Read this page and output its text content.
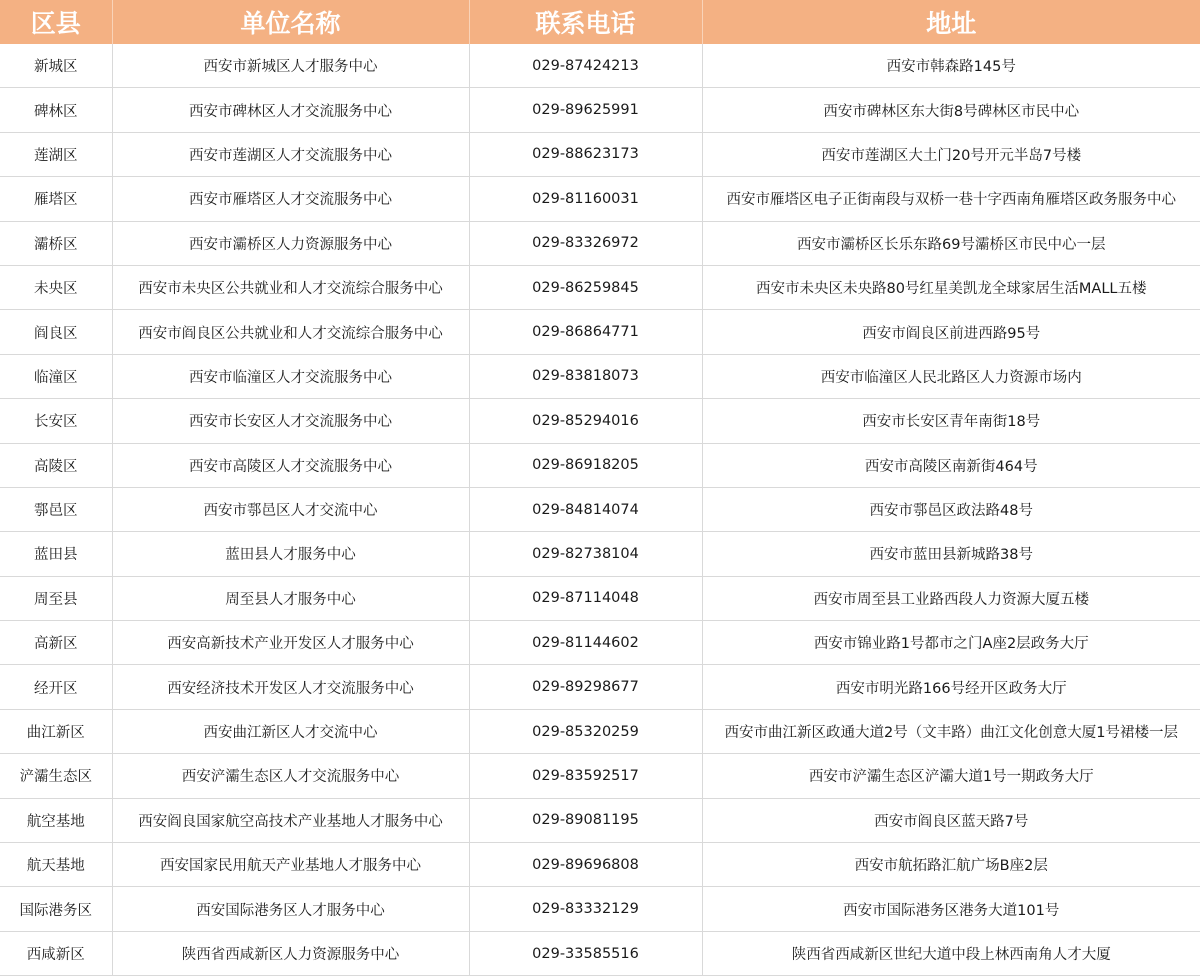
区县	单位名称	联系电话	地址
新城区	西安市新城区人才服务中心	029-87424213	西安市韩森路145号
碑林区	西安市碑林区人才交流服务中心	029-89625991	西安市碑林区东大街8号碑林区市民中心
莲湖区	西安市莲湖区人才交流服务中心	029-88623173	西安市莲湖区大土门20号开元半岛7号楼
雁塔区	西安市雁塔区人才交流服务中心	029-81160031	西安市雁塔区电子正街南段与双桥一巷十字西南角雁塔区政务服务中心
灞桥区	西安市灞桥区人力资源服务中心	029-83326972	西安市灞桥区长乐东路69号灞桥区市民中心一层
未央区	西安市未央区公共就业和人才交流综合服务中心	029-86259845	西安市未央区未央路80号红星美凯龙全球家居生活MALL五楼
阎良区	西安市阎良区公共就业和人才交流综合服务中心	029-86864771	西安市阎良区前进西路95号
临潼区	西安市临潼区人才交流服务中心	029-83818073	西安市临潼区人民北路区人力资源市场内
长安区	西安市长安区人才交流服务中心	029-85294016	西安市长安区青年南街18号
高陵区	西安市高陵区人才交流服务中心	029-86918205	西安市高陵区南新街464号
鄠邑区	西安市鄠邑区人才交流中心	029-84814074	西安市鄠邑区政法路48号
蓝田县	蓝田县人才服务中心	029-82738104	西安市蓝田县新城路38号
周至县	周至县人才服务中心	029-87114048	西安市周至县工业路西段人力资源大厦五楼
高新区	西安高新技术产业开发区人才服务中心	029-81144602	西安市锦业路1号都市之门A座2层政务大厅
经开区	西安经济技术开发区人才交流服务中心	029-89298677	西安市明光路166号经开区政务大厅
曲江新区	西安曲江新区人才交流中心	029-85320259	西安市曲江新区政通大道2号（文丰路）曲江文化创意大厦1号裙楼一层
浐灞生态区	西安浐灞生态区人才交流服务中心	029-83592517	西安市浐灞生态区浐灞大道1号一期政务大厅
航空基地	西安阎良国家航空高技术产业基地人才服务中心	029-89081195	西安市阎良区蓝天路7号
航天基地	西安国家民用航天产业基地人才服务中心	029-89696808	西安市航拓路汇航广场B座2层
国际港务区	西安国际港务区人才服务中心	029-83332129	西安市国际港务区港务大道101号
西咸新区	陕西省西咸新区人力资源服务中心	029-33585516	陕西省西咸新区世纪大道中段上林西南角人才大厦
